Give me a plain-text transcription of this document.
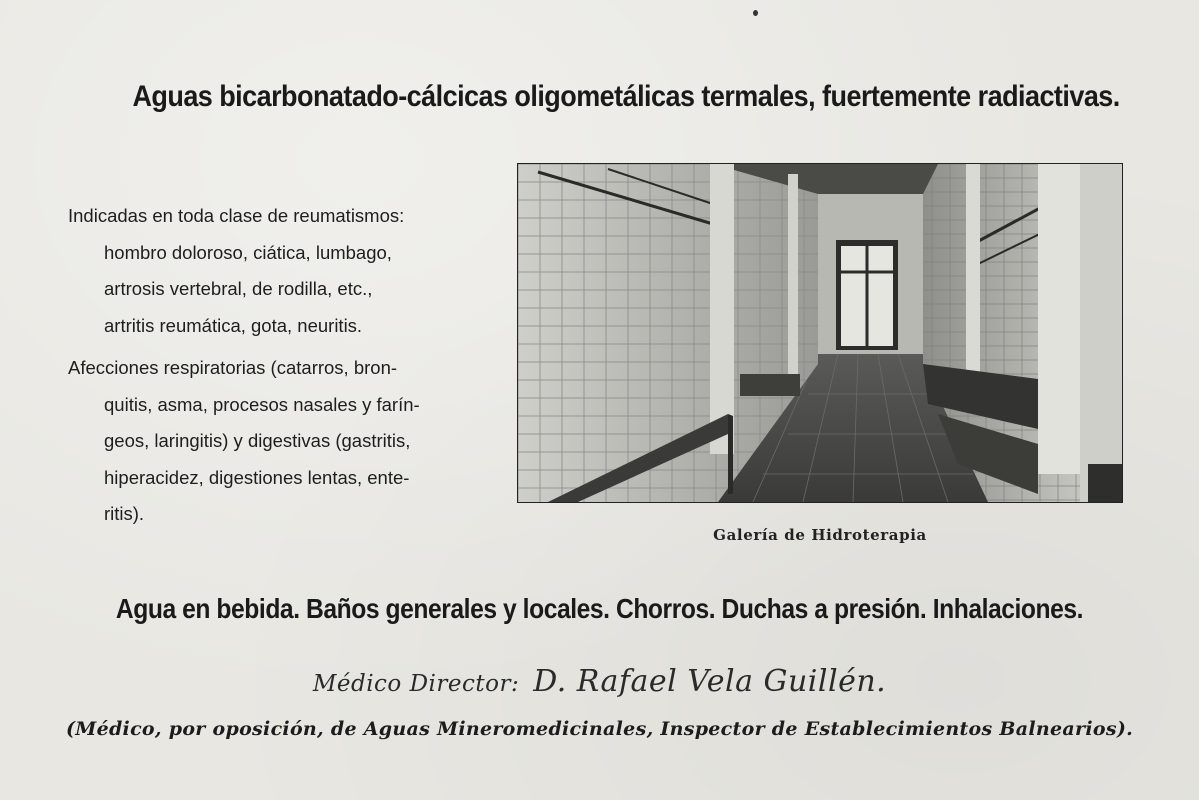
Aguas bicarbonatado-cálcicas oligometálicas termales, fuertemente radiactivas.

Indicadas en toda clase de reumatismos:
hombro doloroso, ciática, lumbago,
artrosis vertebral, de rodilla, etc.,
artritis reumática, gota, neuritis.

Afecciones respiratorias (catarros, bron-
quitis, asma, procesos nasales y farín-
geos, laringitis) y digestivas (gastritis,
hiperacidez, digestiones lentas, ente-
ritis).

Galería de Hidroterapia
Agua en bebida. Baños generales y locales. Chorros. Duchas a presión. Inhalaciones.
Médico Director: D. Rafael Vela Guillén.
(Médico, por oposición, de Aguas Mineromedicinales, Inspector de Establecimientos Balnearios).
